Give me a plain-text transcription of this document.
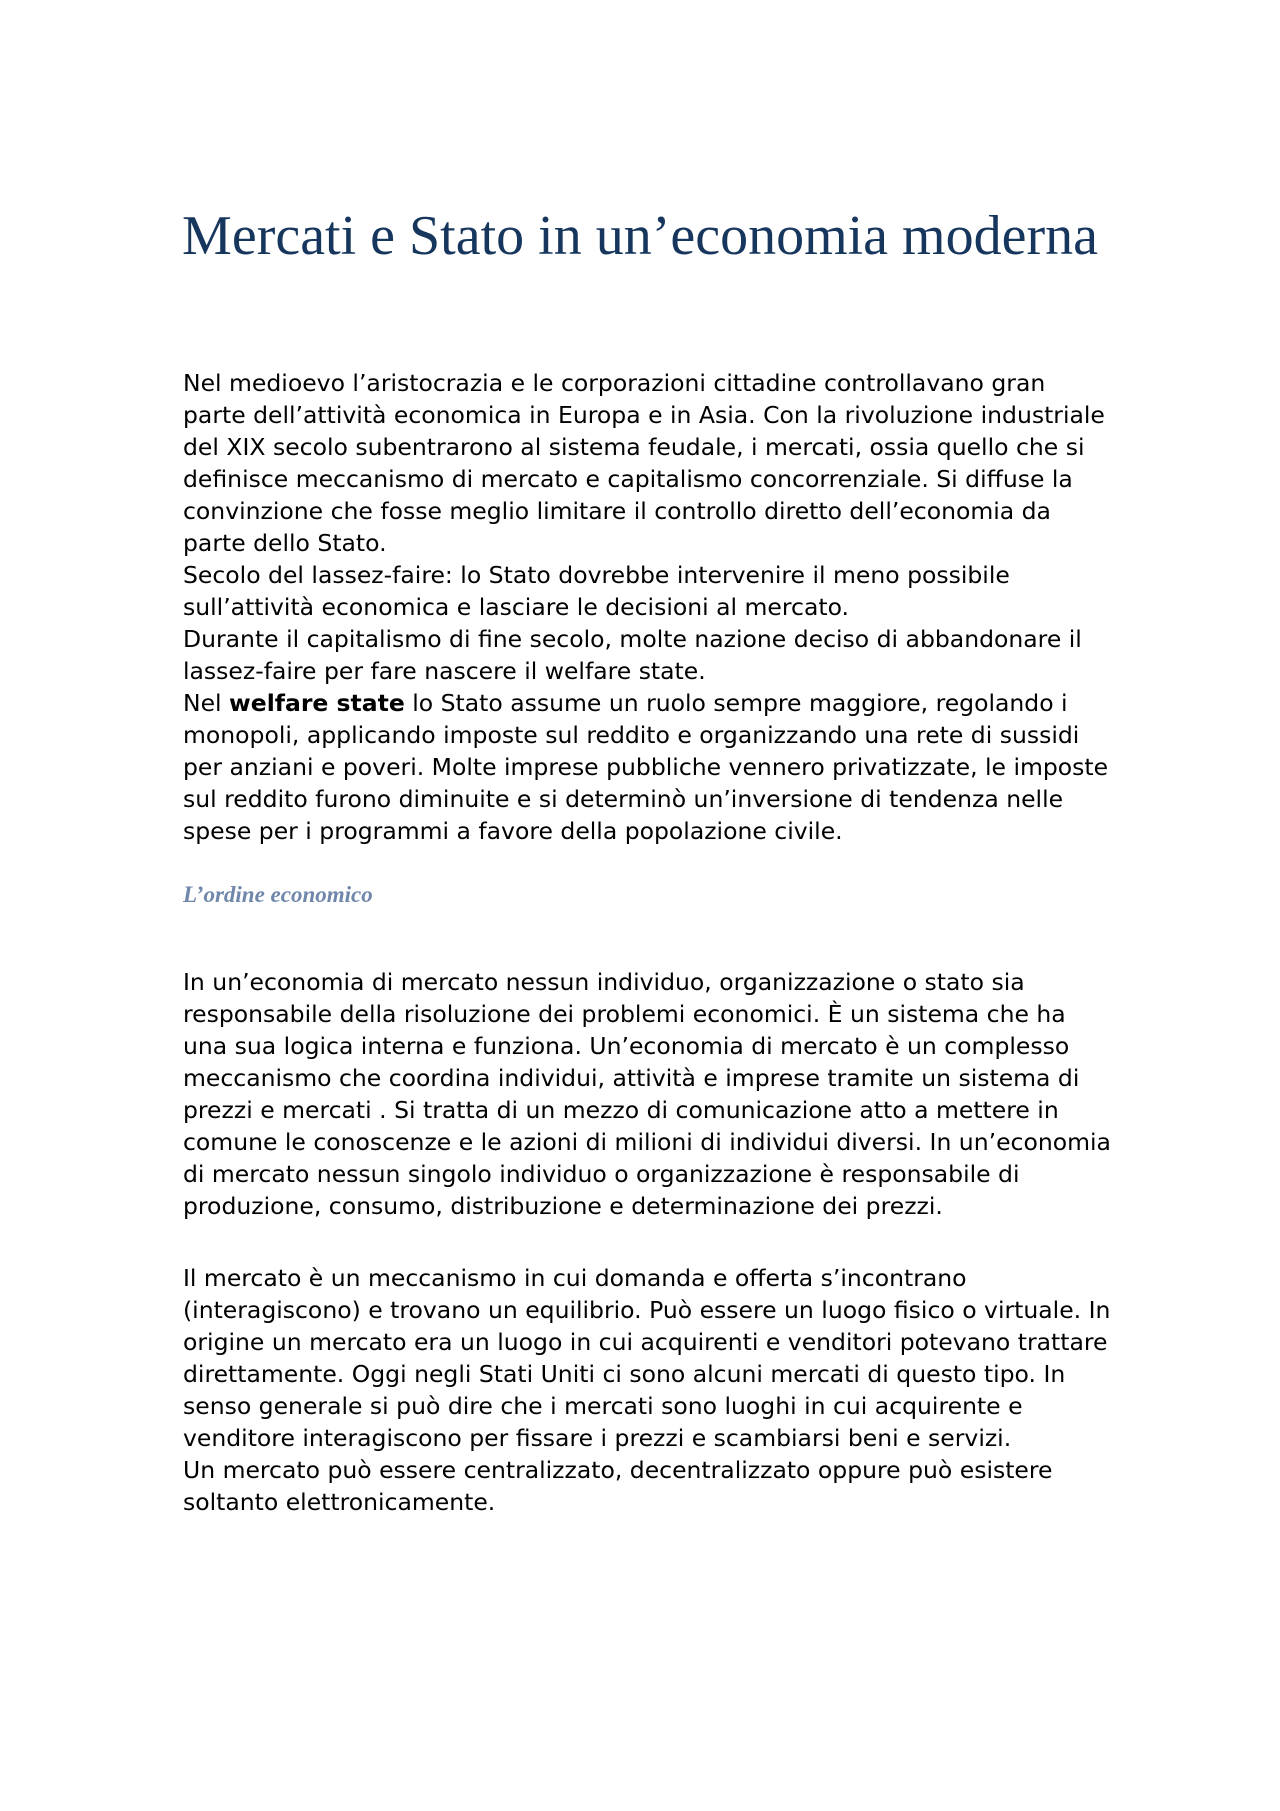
Mercati e Stato in un’economia moderna

Nel medioevo l’aristocrazia e le corporazioni cittadine controllavano gran parte dell’attività economica in Europa e in Asia. Con la rivoluzione industriale del XIX secolo subentrarono al sistema feudale, i mercati, ossia quello che si definisce meccanismo di mercato e capitalismo concorrenziale. Si diffuse la convinzione che fosse meglio limitare il controllo diretto dell’economia da parte dello Stato.

Secolo del lassez-faire: lo Stato dovrebbe intervenire il meno possibile sull’attività economica e lasciare le decisioni al mercato.

Durante il capitalismo di fine secolo, molte nazione deciso di abbandonare il lassez-faire per fare nascere il welfare state.

Nel welfare state lo Stato assume un ruolo sempre maggiore, regolando i monopoli, applicando imposte sul reddito e organizzando una rete di sussidi per anziani e poveri. Molte imprese pubbliche vennero privatizzate, le imposte sul reddito furono diminuite e si determinò un’inversione di tendenza nelle spese per i programmi a favore della popolazione civile.

L’ordine economico

In un’economia di mercato nessun individuo, organizzazione o stato sia responsabile della risoluzione dei problemi economici. È un sistema che ha una sua logica interna e funziona. Un’economia di mercato è un complesso meccanismo che coordina individui, attività e imprese tramite un sistema di prezzi e mercati . Si tratta di un mezzo di comunicazione atto a mettere in comune le conoscenze e le azioni di milioni di individui diversi. In un’economia di mercato nessun singolo individuo o organizzazione è responsabile di produzione, consumo, distribuzione e determinazione dei prezzi.

Il mercato è un meccanismo in cui domanda e offerta s’incontrano (interagiscono) e trovano un equilibrio. Può essere un luogo fisico o virtuale. In origine un mercato era un luogo in cui acquirenti e venditori potevano trattare direttamente. Oggi negli Stati Uniti ci sono alcuni mercati di questo tipo. In senso generale si può dire che i mercati sono luoghi in cui acquirente e venditore interagiscono per fissare i prezzi e scambiarsi beni e servizi.

Un mercato può essere centralizzato, decentralizzato oppure può esistere soltanto elettronicamente.
